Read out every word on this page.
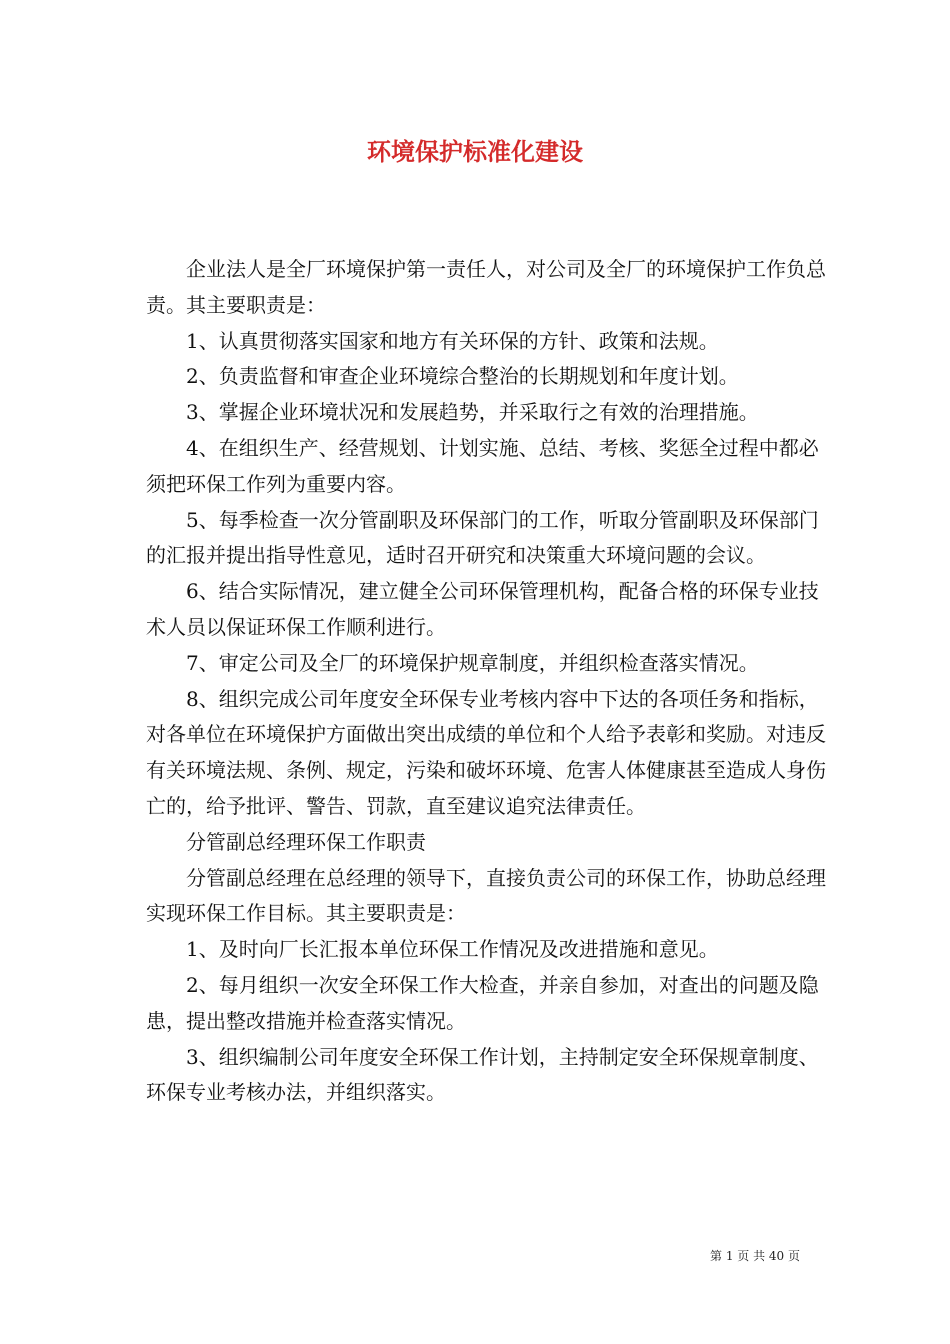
环境保护标准化建设

企业法人是全厂环境保护第一责任人，对公司及全厂的环境保护工作负总责。其主要职责是：

1、认真贯彻落实国家和地方有关环保的方针、政策和法规。

2、负责监督和审查企业环境综合整治的长期规划和年度计划。

3、掌握企业环境状况和发展趋势，并采取行之有效的治理措施。

4、在组织生产、经营规划、计划实施、总结、考核、奖惩全过程中都必须把环保工作列为重要内容。

5、每季检查一次分管副职及环保部门的工作，听取分管副职及环保部门的汇报并提出指导性意见，适时召开研究和决策重大环境问题的会议。

6、结合实际情况，建立健全公司环保管理机构，配备合格的环保专业技术人员以保证环保工作顺利进行。

7、审定公司及全厂的环境保护规章制度，并组织检查落实情况。

8、组织完成公司年度安全环保专业考核内容中下达的各项任务和指标，对各单位在环境保护方面做出突出成绩的单位和个人给予表彰和奖励。对违反有关环境法规、条例、规定，污染和破坏环境、危害人体健康甚至造成人身伤亡的，给予批评、警告、罚款，直至建议追究法律责任。

分管副总经理环保工作职责

分管副总经理在总经理的领导下，直接负责公司的环保工作，协助总经理实现环保工作目标。其主要职责是：

1、及时向厂长汇报本单位环保工作情况及改进措施和意见。

2、每月组织一次安全环保工作大检查，并亲自参加，对查出的问题及隐患，提出整改措施并检查落实情况。

3、组织编制公司年度安全环保工作计划，主持制定安全环保规章制度、环保专业考核办法，并组织落实。

第 1 页 共 40 页
